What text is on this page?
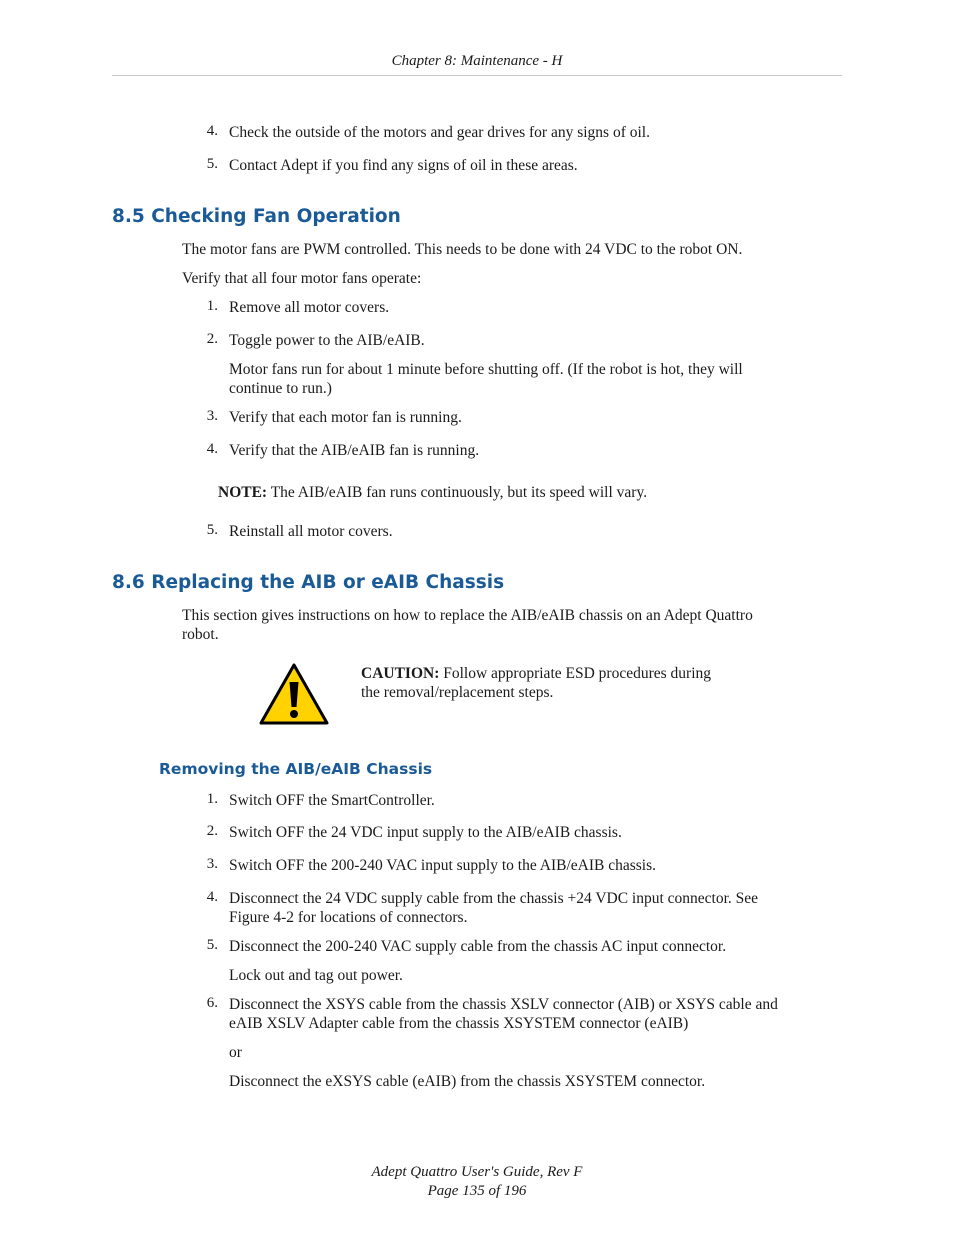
Chapter 8: Maintenance - H
4. Check the outside of the motors and gear drives for any signs of oil.
5. Contact Adept if you find any signs of oil in these areas.
8.5 Checking Fan Operation
The motor fans are PWM controlled. This needs to be done with 24 VDC to the robot ON.
Verify that all four motor fans operate:
1. Remove all motor covers.
2. Toggle power to the AIB/eAIB.
Motor fans run for about 1 minute before shutting off. (If the robot is hot, they will
continue to run.)
3. Verify that each motor fan is running.
4. Verify that the AIB/eAIB fan is running.
NOTE: The AIB/eAIB fan runs continuously, but its speed will vary.
5. Reinstall all motor covers.
8.6 Replacing the AIB or eAIB Chassis
This section gives instructions on how to replace the AIB/eAIB chassis on an Adept Quattro
robot.
CAUTION: Follow appropriate ESD procedures during
the removal/replacement steps.
Removing the AIB/eAIB Chassis
1. Switch OFF the SmartController.
2. Switch OFF the 24 VDC input supply to the AIB/eAIB chassis.
3. Switch OFF the 200-240 VAC input supply to the AIB/eAIB chassis.
4. Disconnect the 24 VDC supply cable from the chassis +24 VDC input connector. See
Figure 4-2 for locations of connectors.
5. Disconnect the 200-240 VAC supply cable from the chassis AC input connector.
Lock out and tag out power.
6. Disconnect the XSYS cable from the chassis XSLV connector (AIB) or XSYS cable and
eAIB XSLV Adapter cable from the chassis XSYSTEM connector (eAIB)
or
Disconnect the eXSYS cable (eAIB) from the chassis XSYSTEM connector.
Adept Quattro User's Guide, Rev F
Page 135 of 196
